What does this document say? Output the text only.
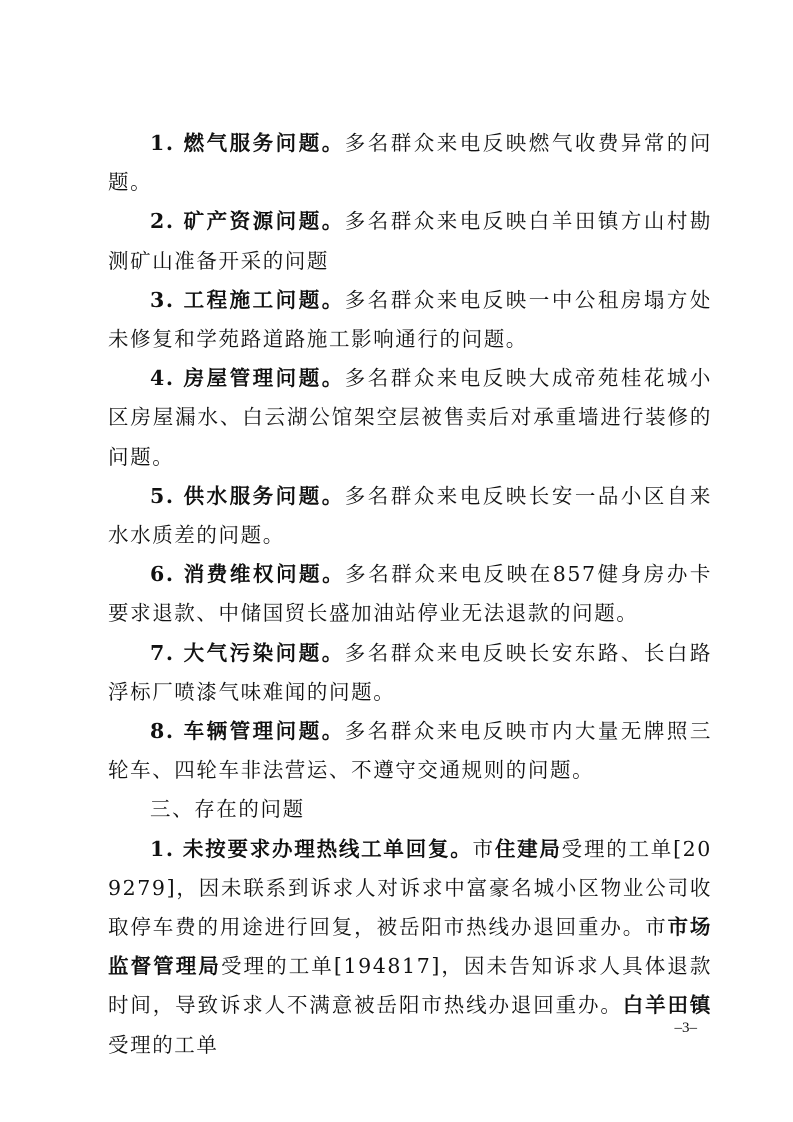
1. 燃气服务问题。多名群众来电反映燃气收费异常的问题。

2. 矿产资源问题。多名群众来电反映白羊田镇方山村勘测矿山准备开采的问题

3. 工程施工问题。多名群众来电反映一中公租房塌方处未修复和学苑路道路施工影响通行的问题。

4. 房屋管理问题。多名群众来电反映大成帝苑桂花城小区房屋漏水、白云湖公馆架空层被售卖后对承重墙进行装修的问题。

5. 供水服务问题。多名群众来电反映长安一品小区自来水水质差的问题。

6. 消费维权问题。多名群众来电反映在857健身房办卡要求退款、中储国贸长盛加油站停业无法退款的问题。

7. 大气污染问题。多名群众来电反映长安东路、长白路浮标厂喷漆气味难闻的问题。

8. 车辆管理问题。多名群众来电反映市内大量无牌照三轮车、四轮车非法营运、不遵守交通规则的问题。

三、存在的问题

1. 未按要求办理热线工单回复。市住建局受理的工单[209279]，因未联系到诉求人对诉求中富豪名城小区物业公司收取停车费的用途进行回复，被岳阳市热线办退回重办。市市场监督管理局受理的工单[194817]，因未告知诉求人具体退款时间，导致诉求人不满意被岳阳市热线办退回重办。白羊田镇受理的工单

–3–
